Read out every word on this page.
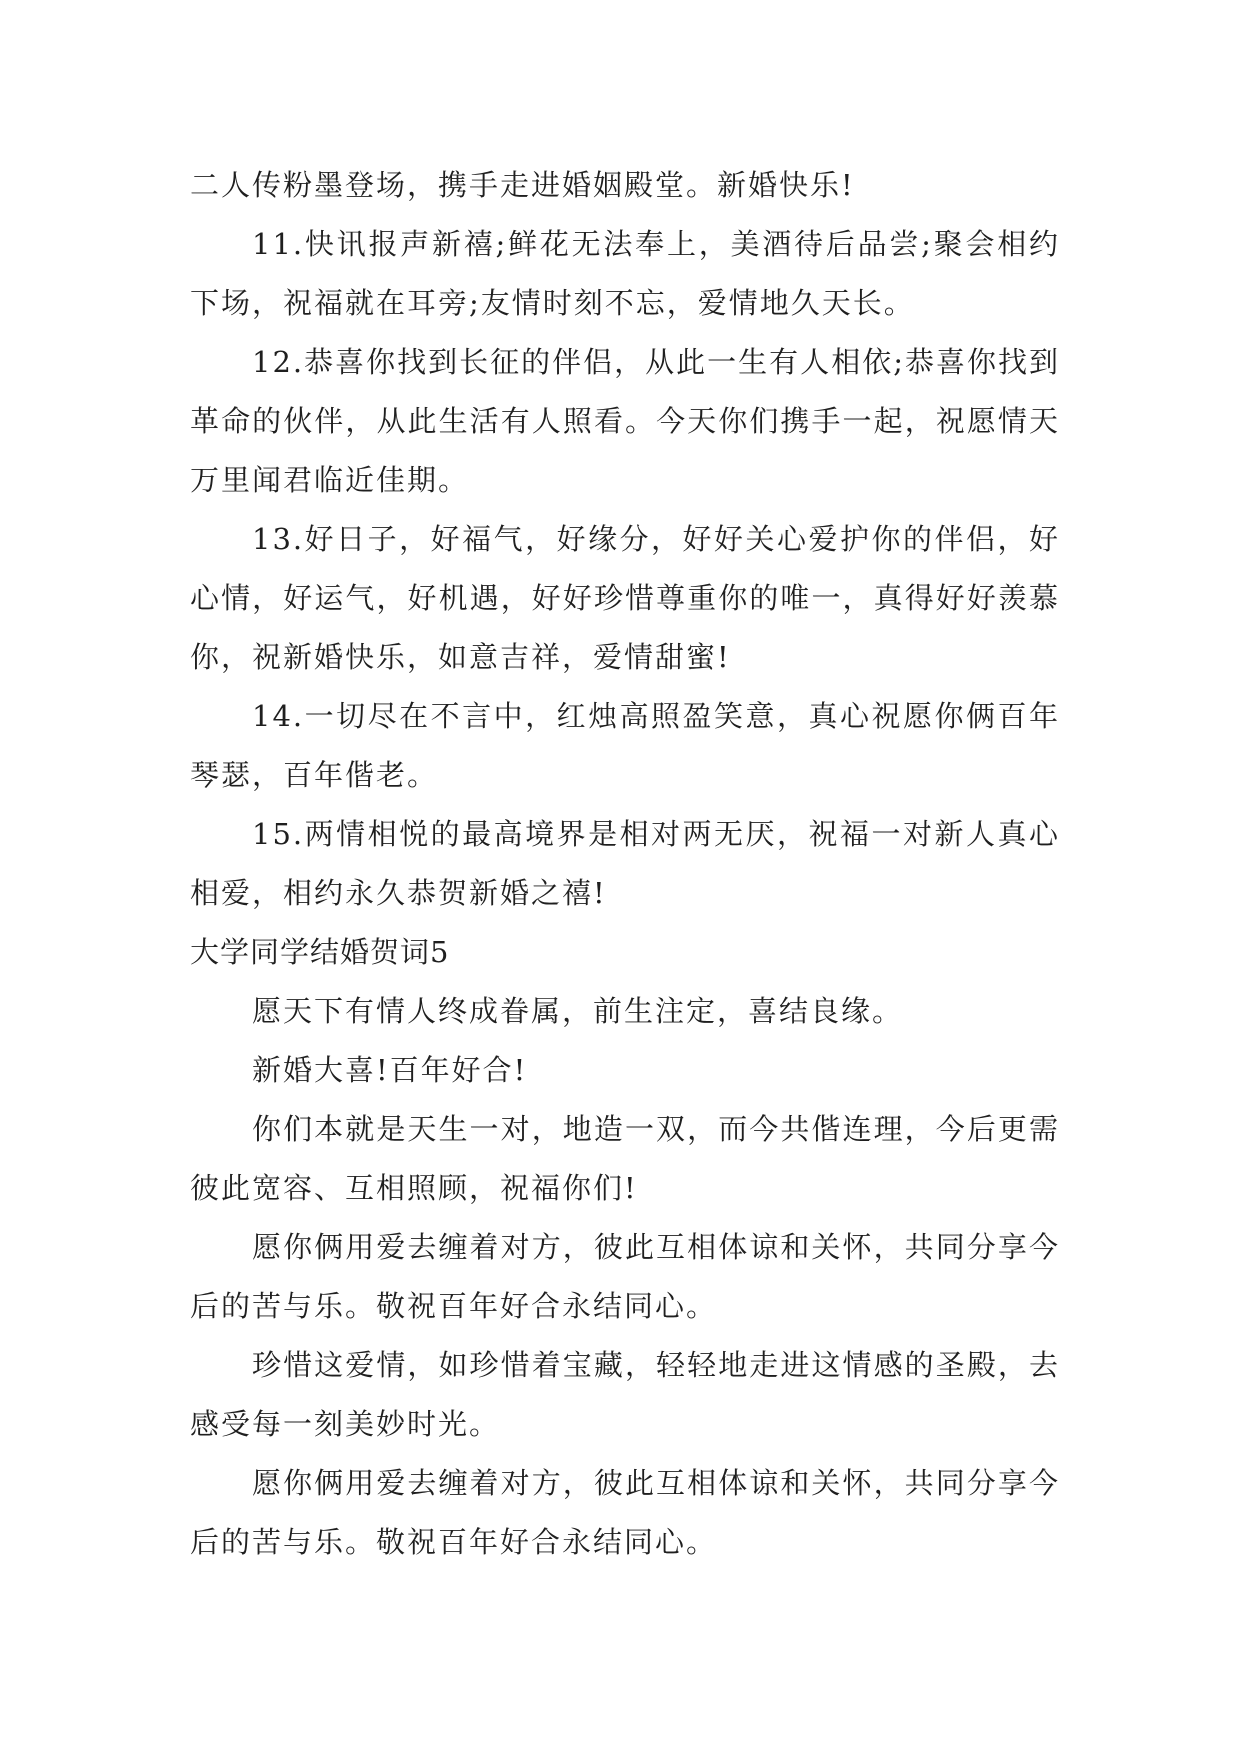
二人传粉墨登场，携手走进婚姻殿堂。新婚快乐!

11.快讯报声新禧;鲜花无法奉上，美酒待后品尝;聚会相约下场，祝福就在耳旁;友情时刻不忘，爱情地久天长。

12.恭喜你找到长征的伴侣，从此一生有人相依;恭喜你找到革命的伙伴，从此生活有人照看。今天你们携手一起，祝愿情天万里闻君临近佳期。

13.好日子，好福气，好缘分，好好关心爱护你的伴侣，好心情，好运气，好机遇，好好珍惜尊重你的唯一，真得好好羡慕你，祝新婚快乐，如意吉祥，爱情甜蜜!

14.一切尽在不言中，红烛高照盈笑意，真心祝愿你俩百年琴瑟，百年偕老。

15.两情相悦的最高境界是相对两无厌，祝福一对新人真心相爱，相约永久恭贺新婚之禧!

大学同学结婚贺词5

愿天下有情人终成眷属，前生注定，喜结良缘。

新婚大喜!百年好合!

你们本就是天生一对，地造一双，而今共偕连理，今后更需彼此宽容、互相照顾，祝福你们!

愿你俩用爱去缠着对方，彼此互相体谅和关怀，共同分享今后的苦与乐。敬祝百年好合永结同心。

珍惜这爱情，如珍惜着宝藏，轻轻地走进这情感的圣殿，去感受每一刻美妙时光。

愿你俩用爱去缠着对方，彼此互相体谅和关怀，共同分享今后的苦与乐。敬祝百年好合永结同心。
